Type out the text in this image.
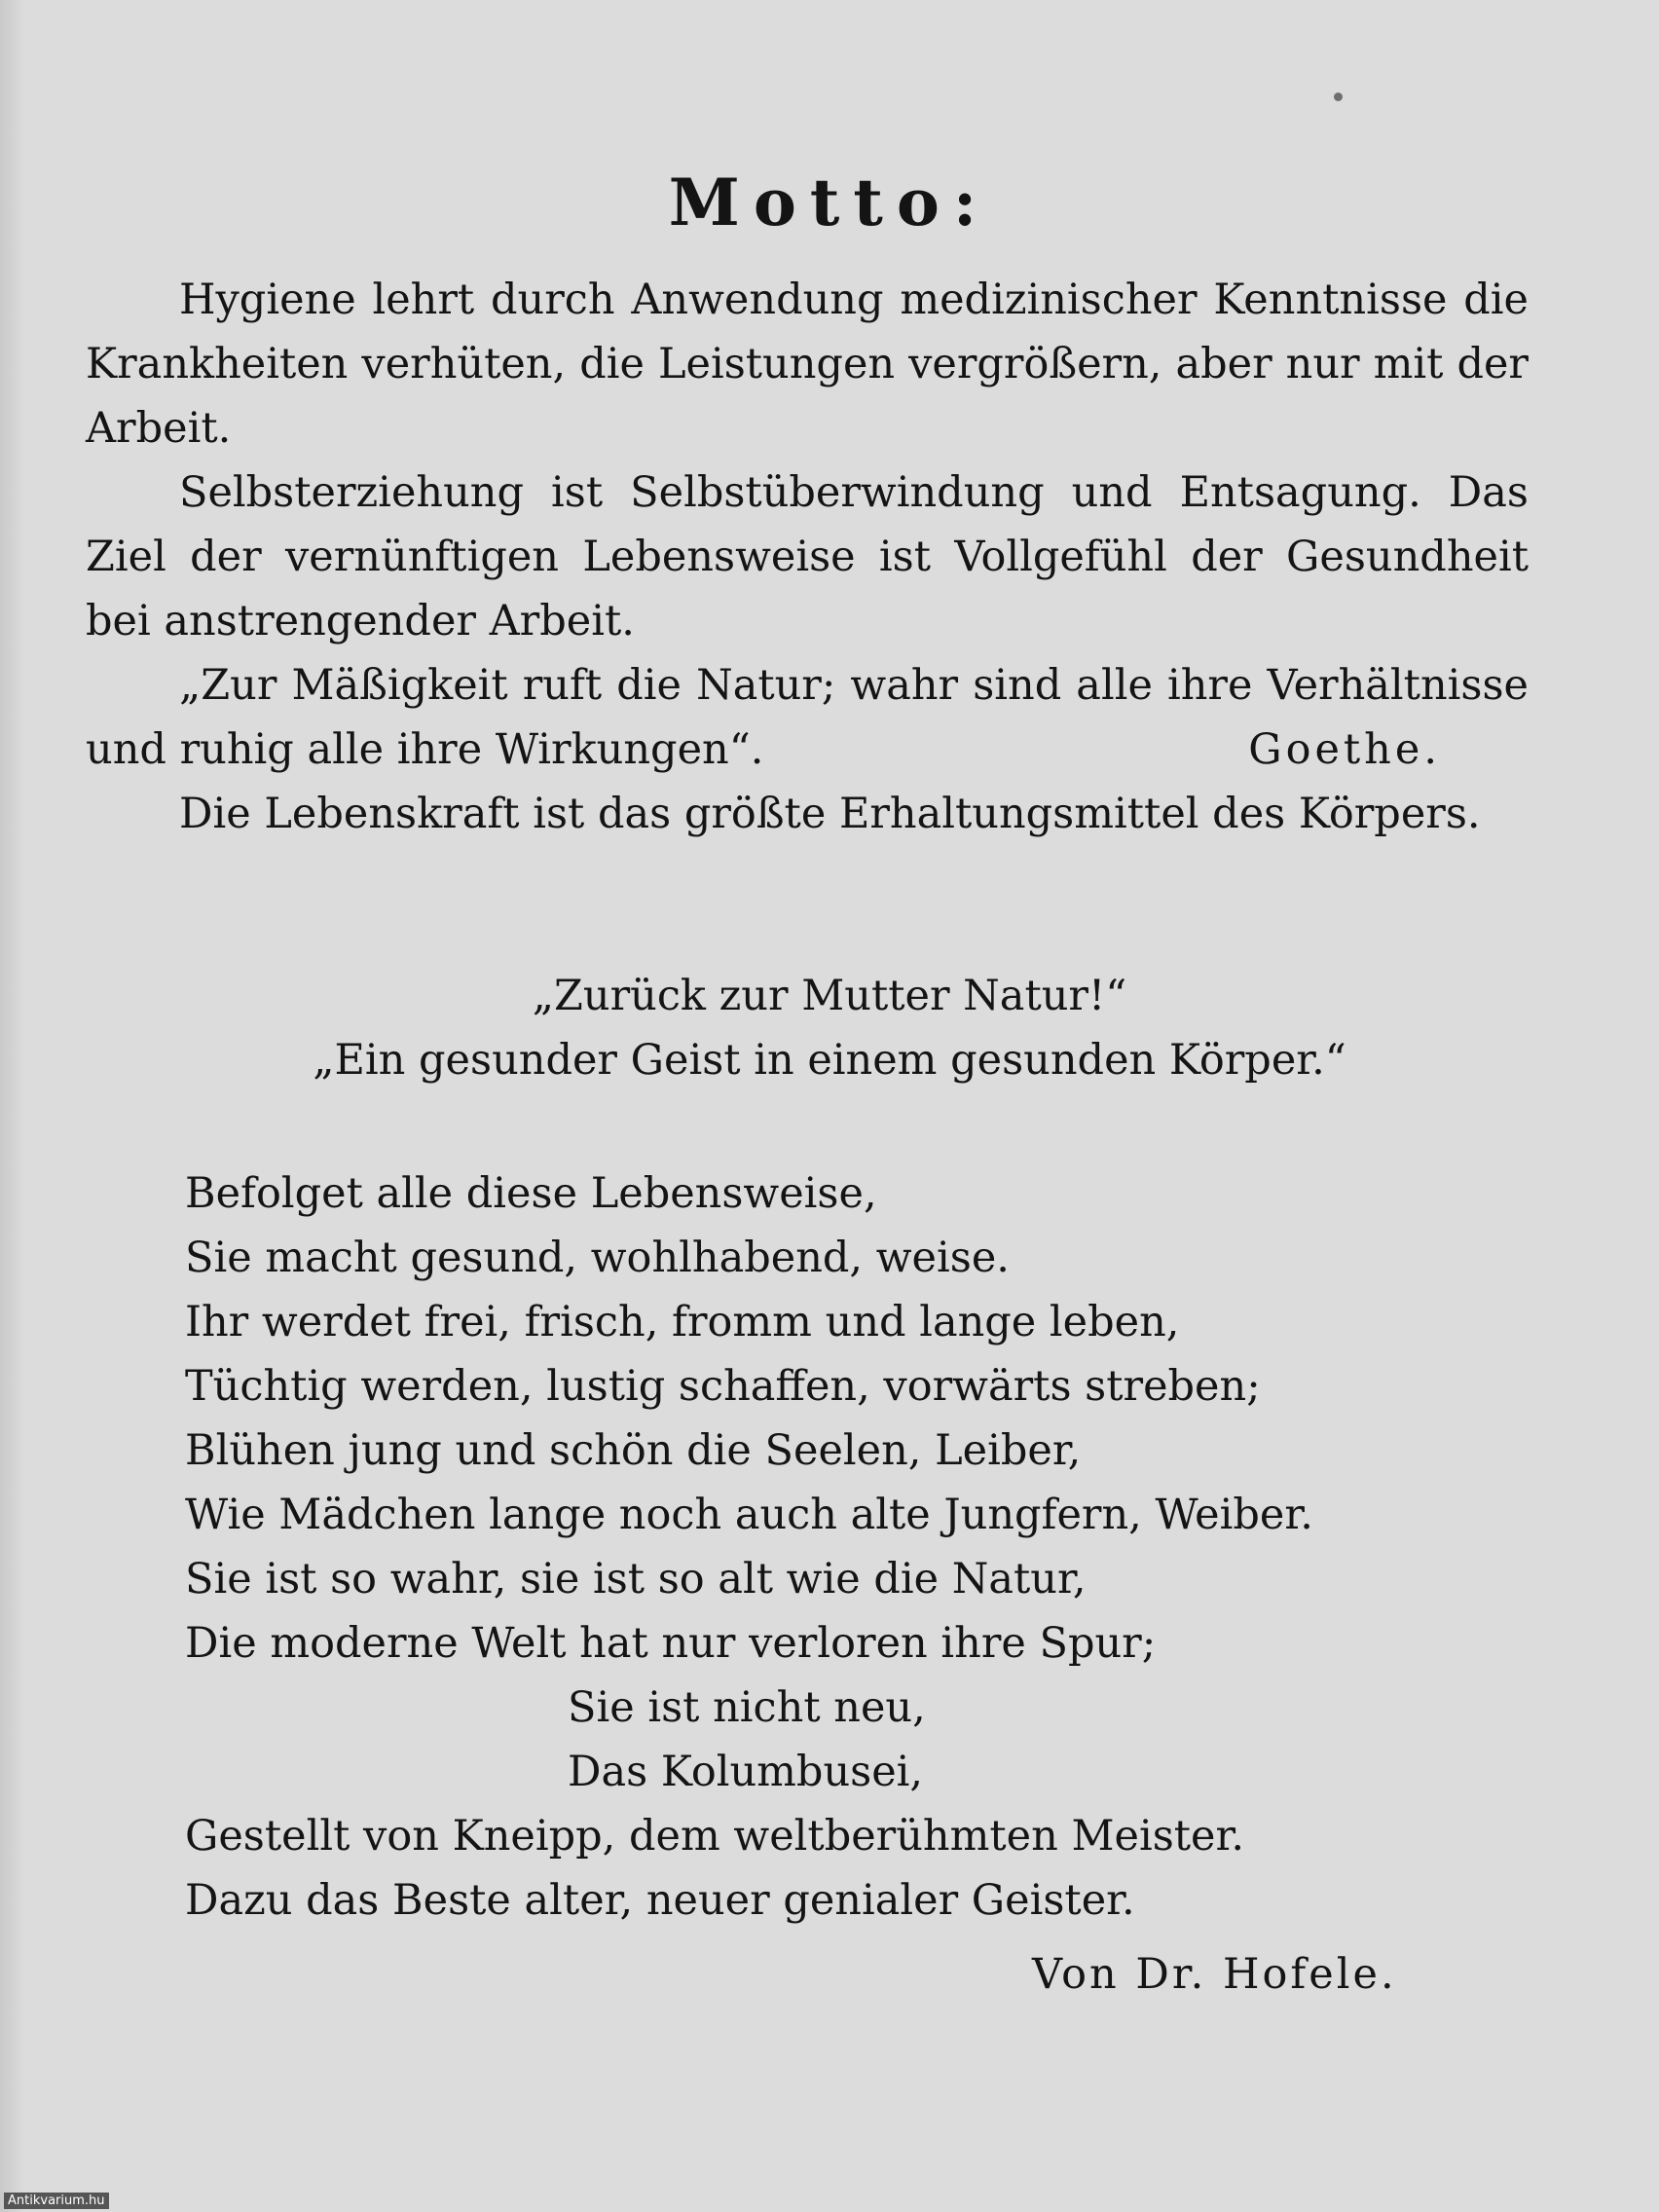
Motto:

Hygiene lehrt durch Anwendung medizinischer Kenntnisse die Krankheiten verhüten, die Leistungen vergrößern, aber nur mit der Arbeit.

Selbsterziehung ist Selbstüberwindung und Entsagung. Das Ziel der vernünftigen Lebensweise ist Vollgefühl der Gesundheit bei anstrengender Arbeit.

„Zur Mäßigkeit ruft die Natur; wahr sind alle ihre Verhältnisse und ruhig alle ihre Wirkungen“.	Goethe.

Die Lebenskraft ist das größte Erhaltungsmittel des Körpers.

„Zurück zur Mutter Natur!“
„Ein gesunder Geist in einem gesunden Körper.“
Befolget alle diese Lebensweise,
Sie macht gesund, wohlhabend, weise.
Ihr werdet frei, frisch, fromm und lange leben,
Tüchtig werden, lustig schaffen, vorwärts streben;
Blühen jung und schön die Seelen, Leiber,
Wie Mädchen lange noch auch alte Jungfern, Weiber.
Sie ist so wahr, sie ist so alt wie die Natur,
Die moderne Welt hat nur verloren ihre Spur;
Sie ist nicht neu,
Das Kolumbusei,
Gestellt von Kneipp, dem weltberühmten Meister.
Dazu das Beste alter, neuer genialer Geister.
Von Dr. Hofele.
Antikvarium.hu
